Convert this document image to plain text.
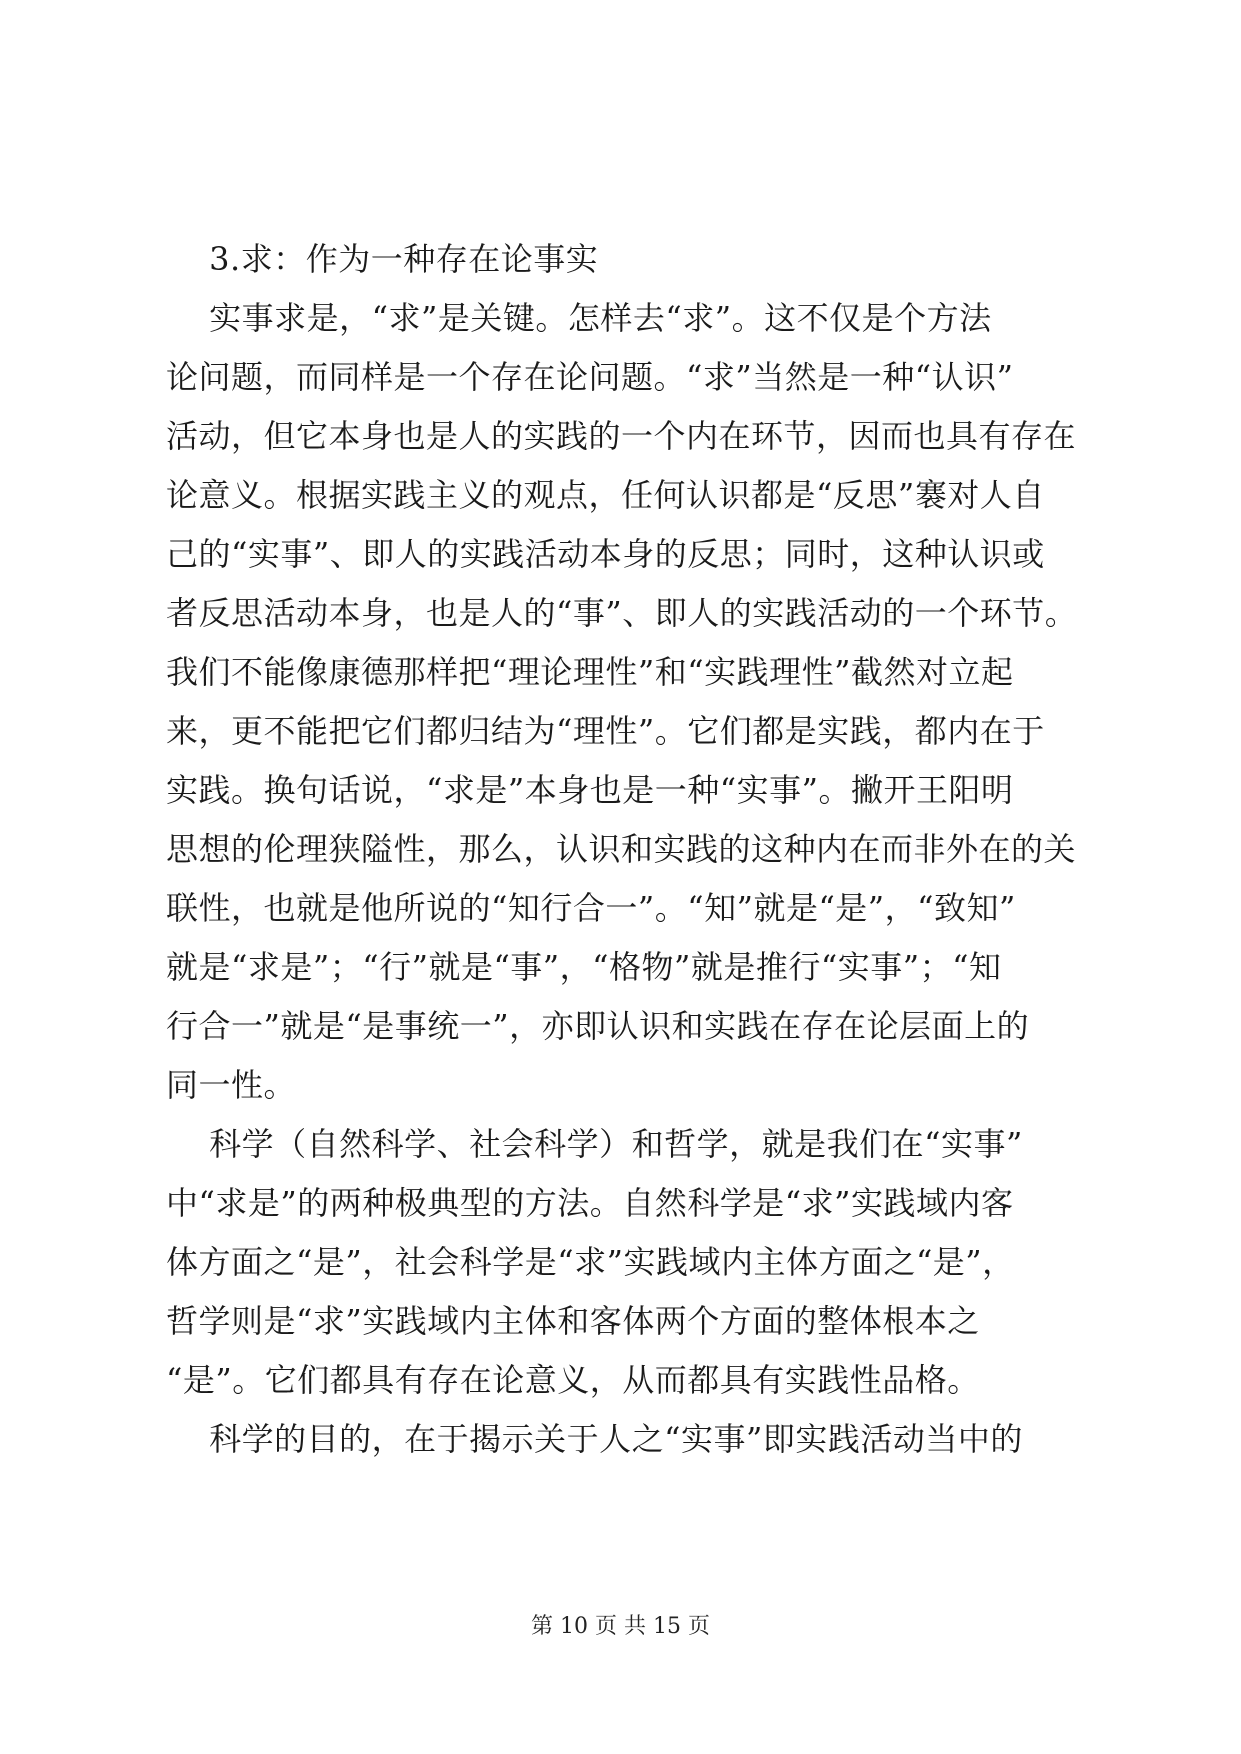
　 3.求：作为一种存在论事实
　 实事求是，“求”是关键。怎样去“求”。这不仅是个方法
论问题，而同样是一个存在论问题。“求”当然是一种“认识”
活动，但它本身也是人的实践的一个内在环节，因而也具有存在
论意义。根据实践主义的观点，任何认识都是“反思”褰对人自
己的“实事”、即人的实践活动本身的反思；同时，这种认识或
者反思活动本身，也是人的“事”、即人的实践活动的一个环节。
我们不能像康德那样把“理论理性”和“实践理性”截然对立起
来，更不能把它们都归结为“理性”。它们都是实践，都内在于
实践。换句话说，“求是”本身也是一种“实事”。撇开王阳明
思想的伦理狭隘性，那么，认识和实践的这种内在而非外在的关
联性，也就是他所说的“知行合一”。“知”就是“是”，“致知”
就是“求是”；“行”就是“事”，“格物”就是推行“实事”；“知
行合一”就是“是事统一”，亦即认识和实践在存在论层面上的
同一性。
　 科学（自然科学、社会科学）和哲学，就是我们在“实事”
中“求是”的两种极典型的方法。自然科学是“求”实践域内客
体方面之“是”，社会科学是“求”实践域内主体方面之“是”，
哲学则是“求”实践域内主体和客体两个方面的整体根本之
“是”。它们都具有存在论意义，从而都具有实践性品格。
　 科学的目的，在于揭示关于人之“实事”即实践活动当中的
第 10 页 共 15 页
